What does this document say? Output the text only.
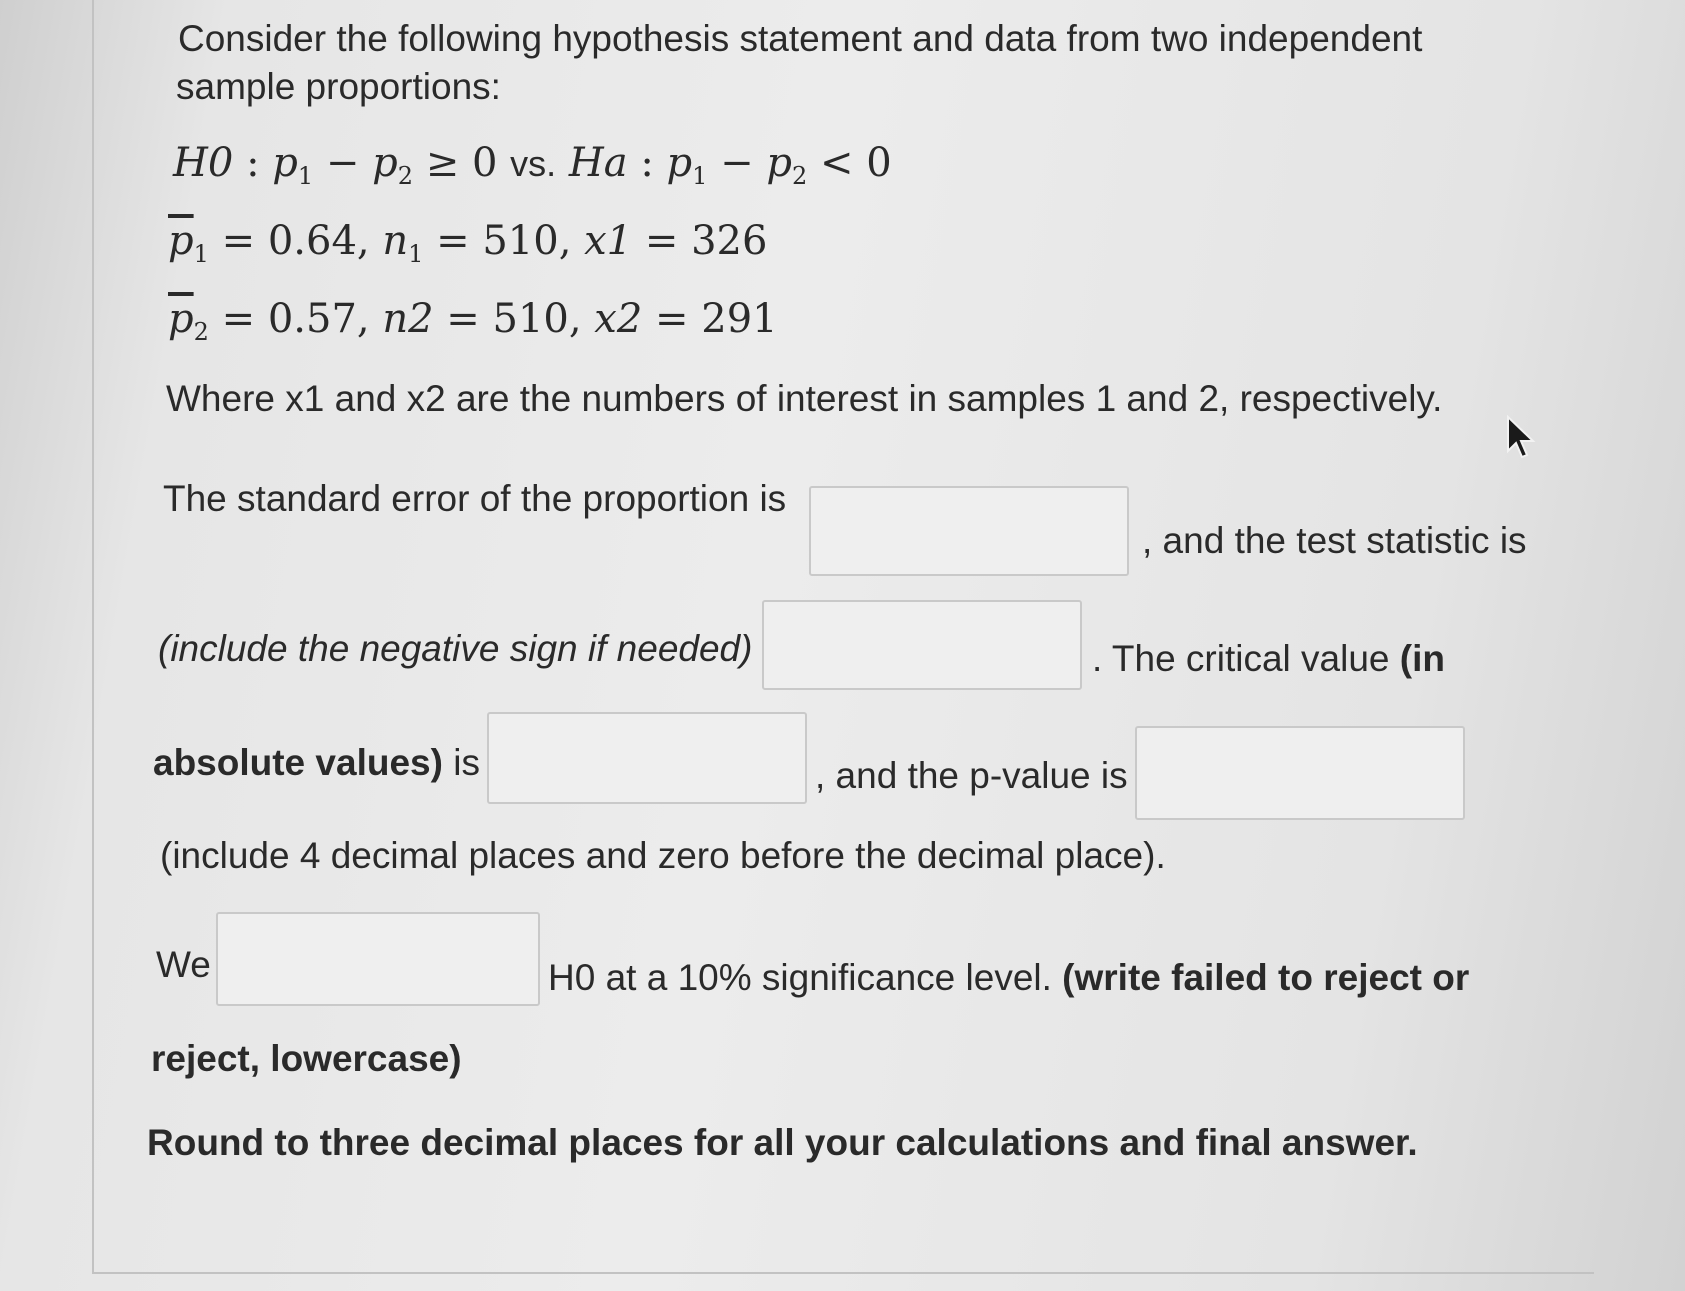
Consider the following hypothesis statement and data from two independent
sample proportions:
H0 : $p_1 - p_2 \ge 0$ vs. Ha : $p_1 - p_2 < 0$
$\overline{p}_1 = 0.64$, $n_1 = 510$, x1 = 326
$\overline{p}_2 = 0.57$, n2 = 510, x2 = 291
Where x1 and x2 are the numbers of interest in samples 1 and 2, respectively.
The standard error of the proportion is
, and the test statistic is
(include the negative sign if needed)	. The critical value (in
absolute values) is	, and the p-value is
(include 4 decimal places and zero before the decimal place).
We	H0 at a 10% significance level. (write failed to reject or
reject, lowercase)
Round to three decimal places for all your calculations and final answer.
